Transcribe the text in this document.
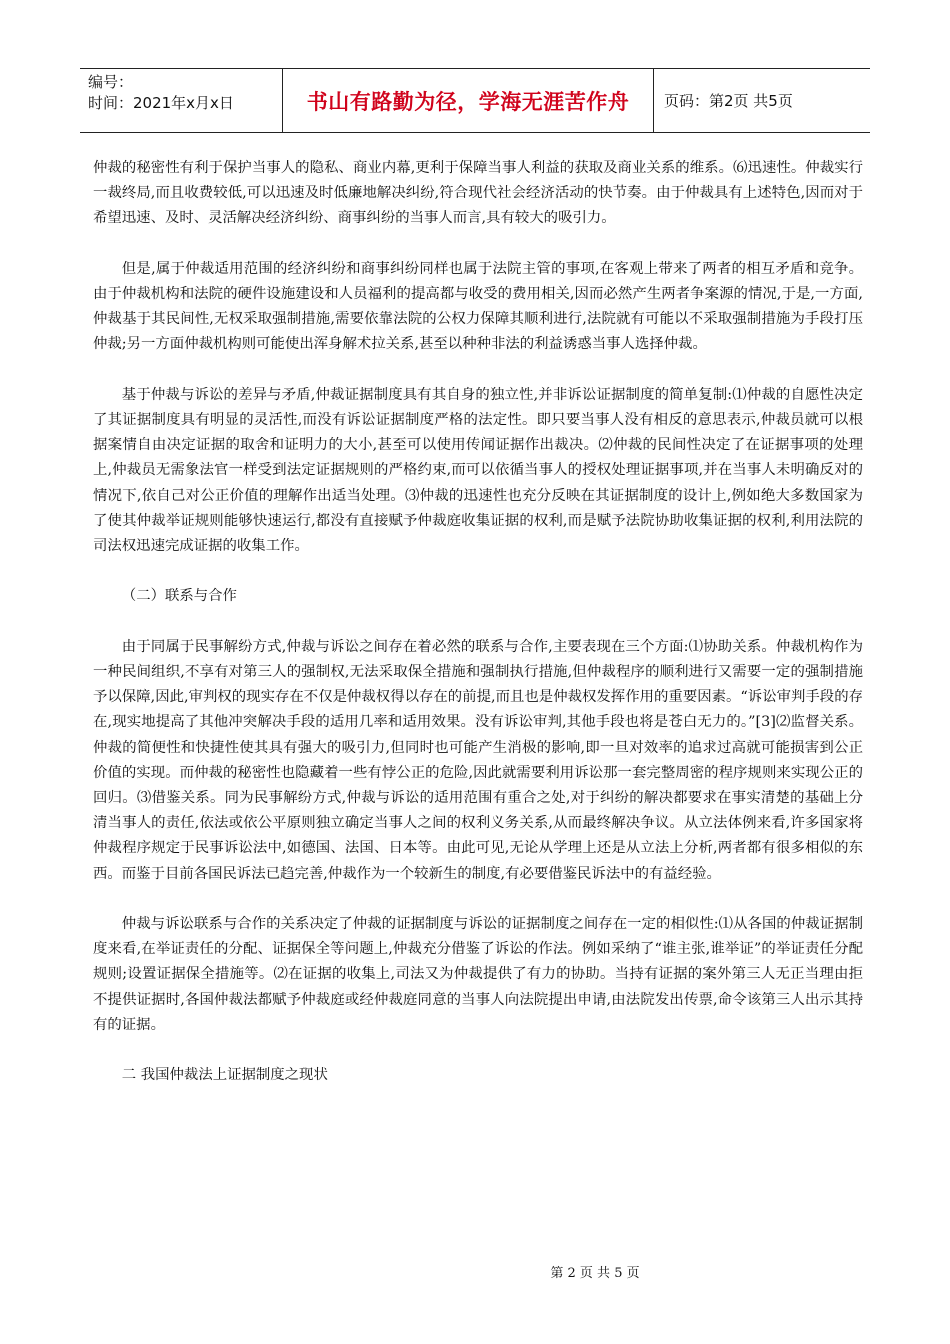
编号：
时间：2021年x月x日	书山有路勤为径，学海无涯苦作舟	页码：第2页 共5页

仲裁的秘密性有利于保护当事人的隐私、商业内幕,更利于保障当事人利益的获取及商业关系的维系。⑹迅速性。仲裁实行一裁终局,而且收费较低,可以迅速及时低廉地解决纠纷,符合现代社会经济活动的快节奏。由于仲裁具有上述特色,因而对于希望迅速、及时、灵活解决经济纠纷、商事纠纷的当事人而言,具有较大的吸引力。

但是,属于仲裁适用范围的经济纠纷和商事纠纷同样也属于法院主管的事项,在客观上带来了两者的相互矛盾和竞争。由于仲裁机构和法院的硬件设施建设和人员福利的提高都与收受的费用相关,因而必然产生两者争案源的情况,于是,一方面,仲裁基于其民间性,无权采取强制措施,需要依靠法院的公权力保障其顺利进行,法院就有可能以不采取强制措施为手段打压仲裁;另一方面仲裁机构则可能使出浑身解术拉关系,甚至以种种非法的利益诱惑当事人选择仲裁。

基于仲裁与诉讼的差异与矛盾,仲裁证据制度具有其自身的独立性,并非诉讼证据制度的简单复制:⑴仲裁的自愿性决定了其证据制度具有明显的灵活性,而没有诉讼证据制度严格的法定性。即只要当事人没有相反的意思表示,仲裁员就可以根据案情自由决定证据的取舍和证明力的大小,甚至可以使用传闻证据作出裁决。⑵仲裁的民间性决定了在证据事项的处理上,仲裁员无需象法官一样受到法定证据规则的严格约束,而可以依循当事人的授权处理证据事项,并在当事人未明确反对的情况下,依自己对公正价值的理解作出适当处理。⑶仲裁的迅速性也充分反映在其证据制度的设计上,例如绝大多数国家为了使其仲裁举证规则能够快速运行,都没有直接赋予仲裁庭收集证据的权利,而是赋予法院协助收集证据的权利,利用法院的司法权迅速完成证据的收集工作。

（二）联系与合作

由于同属于民事解纷方式,仲裁与诉讼之间存在着必然的联系与合作,主要表现在三个方面:⑴协助关系。仲裁机构作为一种民间组织,不享有对第三人的强制权,无法采取保全措施和强制执行措施,但仲裁程序的顺利进行又需要一定的强制措施予以保障,因此,审判权的现实存在不仅是仲裁权得以存在的前提,而且也是仲裁权发挥作用的重要因素。“诉讼审判手段的存在,现实地提高了其他冲突解决手段的适用几率和适用效果。没有诉讼审判,其他手段也将是苍白无力的。”[3]⑵监督关系。仲裁的简便性和快捷性使其具有强大的吸引力,但同时也可能产生消极的影响,即一旦对效率的追求过高就可能损害到公正价值的实现。而仲裁的秘密性也隐藏着一些有悖公正的危险,因此就需要利用诉讼那一套完整周密的程序规则来实现公正的回归。⑶借鉴关系。同为民事解纷方式,仲裁与诉讼的适用范围有重合之处,对于纠纷的解决都要求在事实清楚的基础上分清当事人的责任,依法或依公平原则独立确定当事人之间的权利义务关系,从而最终解决争议。从立法体例来看,许多国家将仲裁程序规定于民事诉讼法中,如德国、法国、日本等。由此可见,无论从学理上还是从立法上分析,两者都有很多相似的东西。而鉴于目前各国民诉法已趋完善,仲裁作为一个较新生的制度,有必要借鉴民诉法中的有益经验。

仲裁与诉讼联系与合作的关系决定了仲裁的证据制度与诉讼的证据制度之间存在一定的相似性:⑴从各国的仲裁证据制度来看,在举证责任的分配、证据保全等问题上,仲裁充分借鉴了诉讼的作法。例如采纳了“谁主张,谁举证”的举证责任分配规则;设置证据保全措施等。⑵在证据的收集上,司法又为仲裁提供了有力的协助。当持有证据的案外第三人无正当理由拒不提供证据时,各国仲裁法都赋予仲裁庭或经仲裁庭同意的当事人向法院提出申请,由法院发出传票,命令该第三人出示其持有的证据。

二 我国仲裁法上证据制度之现状

第 2 页 共 5 页
